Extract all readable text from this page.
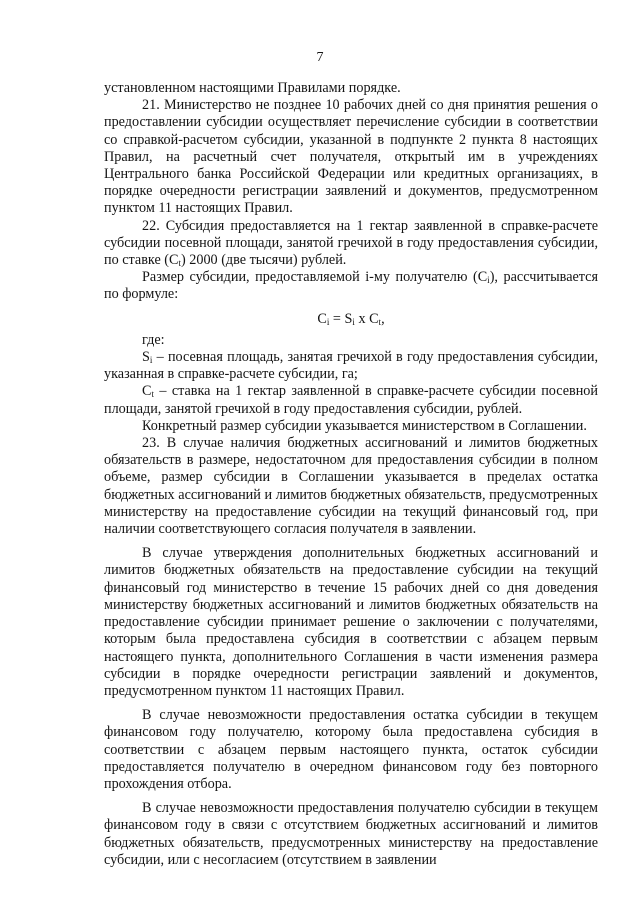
7

установленном настоящими Правилами порядке.

21. Министерство не позднее 10 рабочих дней со дня принятия решения о предоставлении субсидии осуществляет перечисление субсидии в соответствии со справкой-расчетом субсидии, указанной в подпункте 2 пункта 8 настоящих Правил, на расчетный счет получателя, открытый им в учреждениях Центрального банка Российской Федерации или кредитных организациях, в порядке очередности регистрации заявлений и документов, предусмотренном пунктом 11 настоящих Правил.

22. Субсидия предоставляется на 1 гектар заявленной в справке-расчете субсидии посевной площади, занятой гречихой в году предоставления субсидии, по ставке $(С_t)$ 2000 (две тысячи) рублей.

Размер субсидии, предоставляемой i-му получателю $(С_i)$, рассчитывается по формуле:

$С_i = S_i$ x $С_t$,

где:

$S_i$ – посевная площадь, занятая гречихой в году предоставления субсидии, указанная в справке-расчете субсидии, га;

$С_t$ – ставка на 1 гектар заявленной в справке-расчете субсидии посевной площади, занятой гречихой в году предоставления субсидии, рублей.

Конкретный размер субсидии указывается министерством в Соглашении.

23. В случае наличия бюджетных ассигнований и лимитов бюджетных обязательств в размере, недостаточном для предоставления субсидии в полном объеме, размер субсидии в Соглашении указывается в пределах остатка бюджетных ассигнований и лимитов бюджетных обязательств, предусмотренных министерству на предоставление субсидии на текущий финансовый год, при наличии соответствующего согласия получателя в заявлении.

В случае утверждения дополнительных бюджетных ассигнований и лимитов бюджетных обязательств на предоставление субсидии на текущий финансовый год министерство в течение 15 рабочих дней со дня доведения министерству бюджетных ассигнований и лимитов бюджетных обязательств на предоставление субсидии принимает решение о заключении с получателями, которым была предоставлена субсидия в соответствии с абзацем первым настоящего пункта, дополнительного Соглашения в части изменения размера субсидии в порядке очередности регистрации заявлений и документов, предусмотренном пунктом 11 настоящих Правил.

В случае невозможности предоставления остатка субсидии в текущем финансовом году получателю, которому была предоставлена субсидия в соответствии с абзацем первым настоящего пункта, остаток субсидии предоставляется получателю в очередном финансовом году без повторного прохождения отбора.

В случае невозможности предоставления получателю субсидии в текущем финансовом году в связи с отсутствием бюджетных ассигнований и лимитов бюджетных обязательств, предусмотренных министерству на предоставление субсидии, или с несогласием (отсутствием в заявлении
